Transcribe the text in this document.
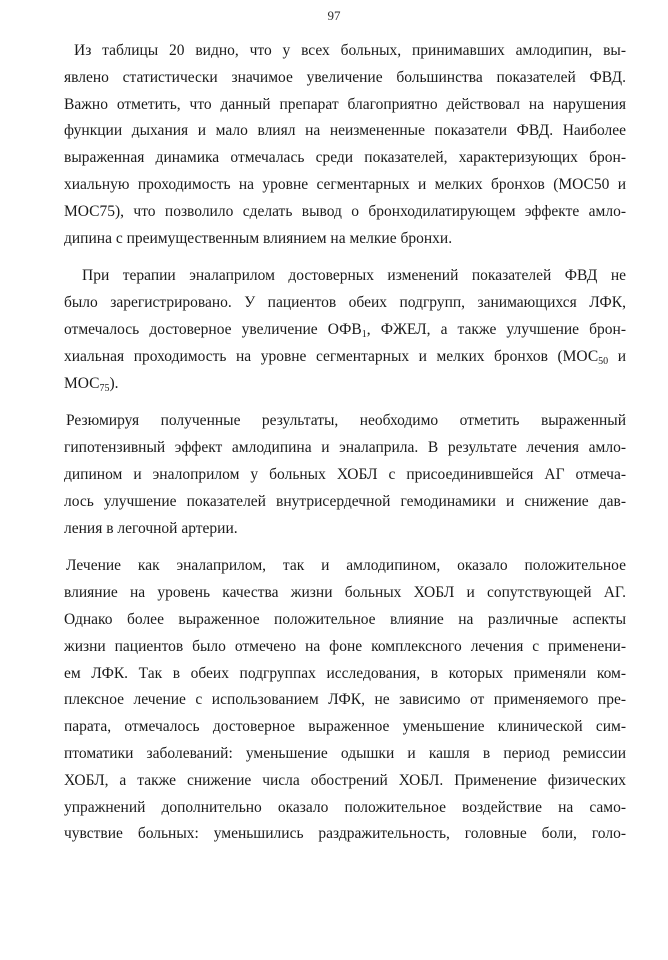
97

Из таблицы 20 видно, что у всех больных, принимавших амлодипин, вы-
явлено статистически значимое увеличение большинства показателей ФВД.
Важно отметить, что данный препарат благоприятно действовал на нарушения
функции дыхания и мало влиял на неизмененные показатели ФВД. Наиболее
выраженная динамика отмечалась среди показателей, характеризующих брон-
хиальную проходимость на уровне сегментарных и мелких бронхов (МОС50 и
МОС75), что позволило сделать вывод о бронходилатирующем эффекте амло-
дипина с преимущественным влиянием на мелкие бронхи.

При терапии эналаприлом достоверных изменений показателей ФВД не
было зарегистрировано. У пациентов обеих подгрупп, занимающихся ЛФК,
отмечалось достоверное увеличение $ОФВ_1$, ФЖЕЛ, а также улучшение брон-
хиальная проходимость на уровне сегментарных и мелких бронхов ($МОС_{50}$ и
$МОС_{75}$).

Резюмируя полученные результаты, необходимо отметить выраженный
гипотензивный эффект амлодипина и эналаприла. В результате лечения амло-
дипином и эналоприлом у больных ХОБЛ с присоединившейся АГ отмеча-
лось улучшение показателей внутрисердечной гемодинамики и снижение дав-
ления в легочной артерии.

Лечение как эналаприлом, так и амлодипином, оказало положительное
влияние на уровень качества жизни больных ХОБЛ и сопутствующей АГ.
Однако более выраженное положительное влияние на различные аспекты
жизни пациентов было отмечено на фоне комплексного лечения с применени-
ем ЛФК. Так в обеих подгруппах исследования, в которых применяли ком-
плексное лечение с использованием ЛФК, не зависимо от применяемого пре-
парата, отмечалось достоверное выраженное уменьшение клинической сим-
птоматики заболеваний: уменьшение одышки и кашля в период ремиссии
ХОБЛ, а также снижение числа обострений ХОБЛ. Применение физических
упражнений дополнительно оказало положительное воздействие на само-
чувствие больных: уменьшились раздражительность, головные боли, голо-
